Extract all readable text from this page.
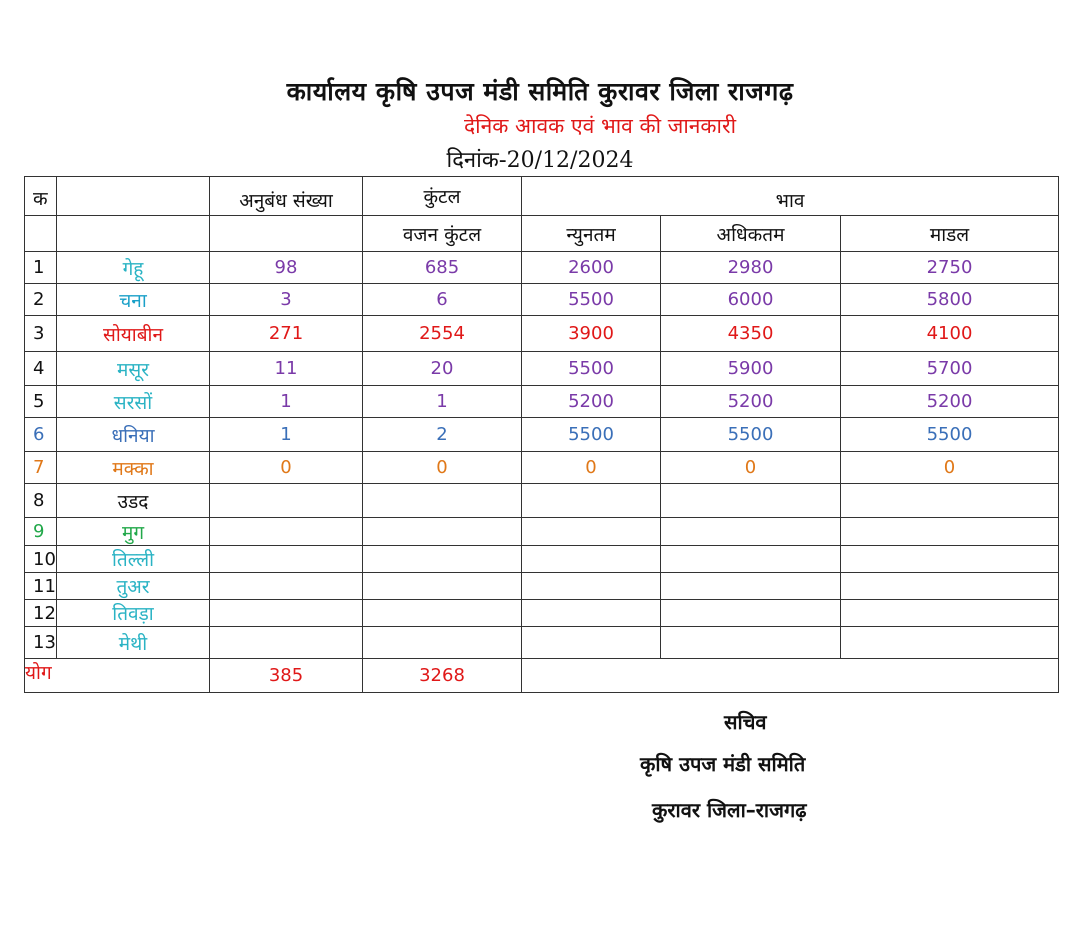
कार्यालय कृषि उपज मंडी समिति कुरावर जिला राजगढ़
देनिक आवक एवं भाव की जानकारी
दिनांक-20/12/2024
क		अनुबंध संख्या	कुंटल	भाव		
			वजन कुंटल	न्युनतम	अधिकतम	माडल
1	गेहू	98	685	2600	2980	2750
2	चना	3	6	5500	6000	5800
3	सोयाबीन	271	2554	3900	4350	4100
4	मसूर	11	20	5500	5900	5700
5	सरसों	1	1	5200	5200	5200
6	धनिया	1	2	5500	5500	5500
7	मक्का	0	0	0	0	0
8	उडद					
9	मुग					
10	तिल्ली					
11	तुअर					
12	तिवड़ा					
13	मेथी					
योग		385	3268			
सचिव
कृषि उपज मंडी समिति
कुरावर जिला–राजगढ़
